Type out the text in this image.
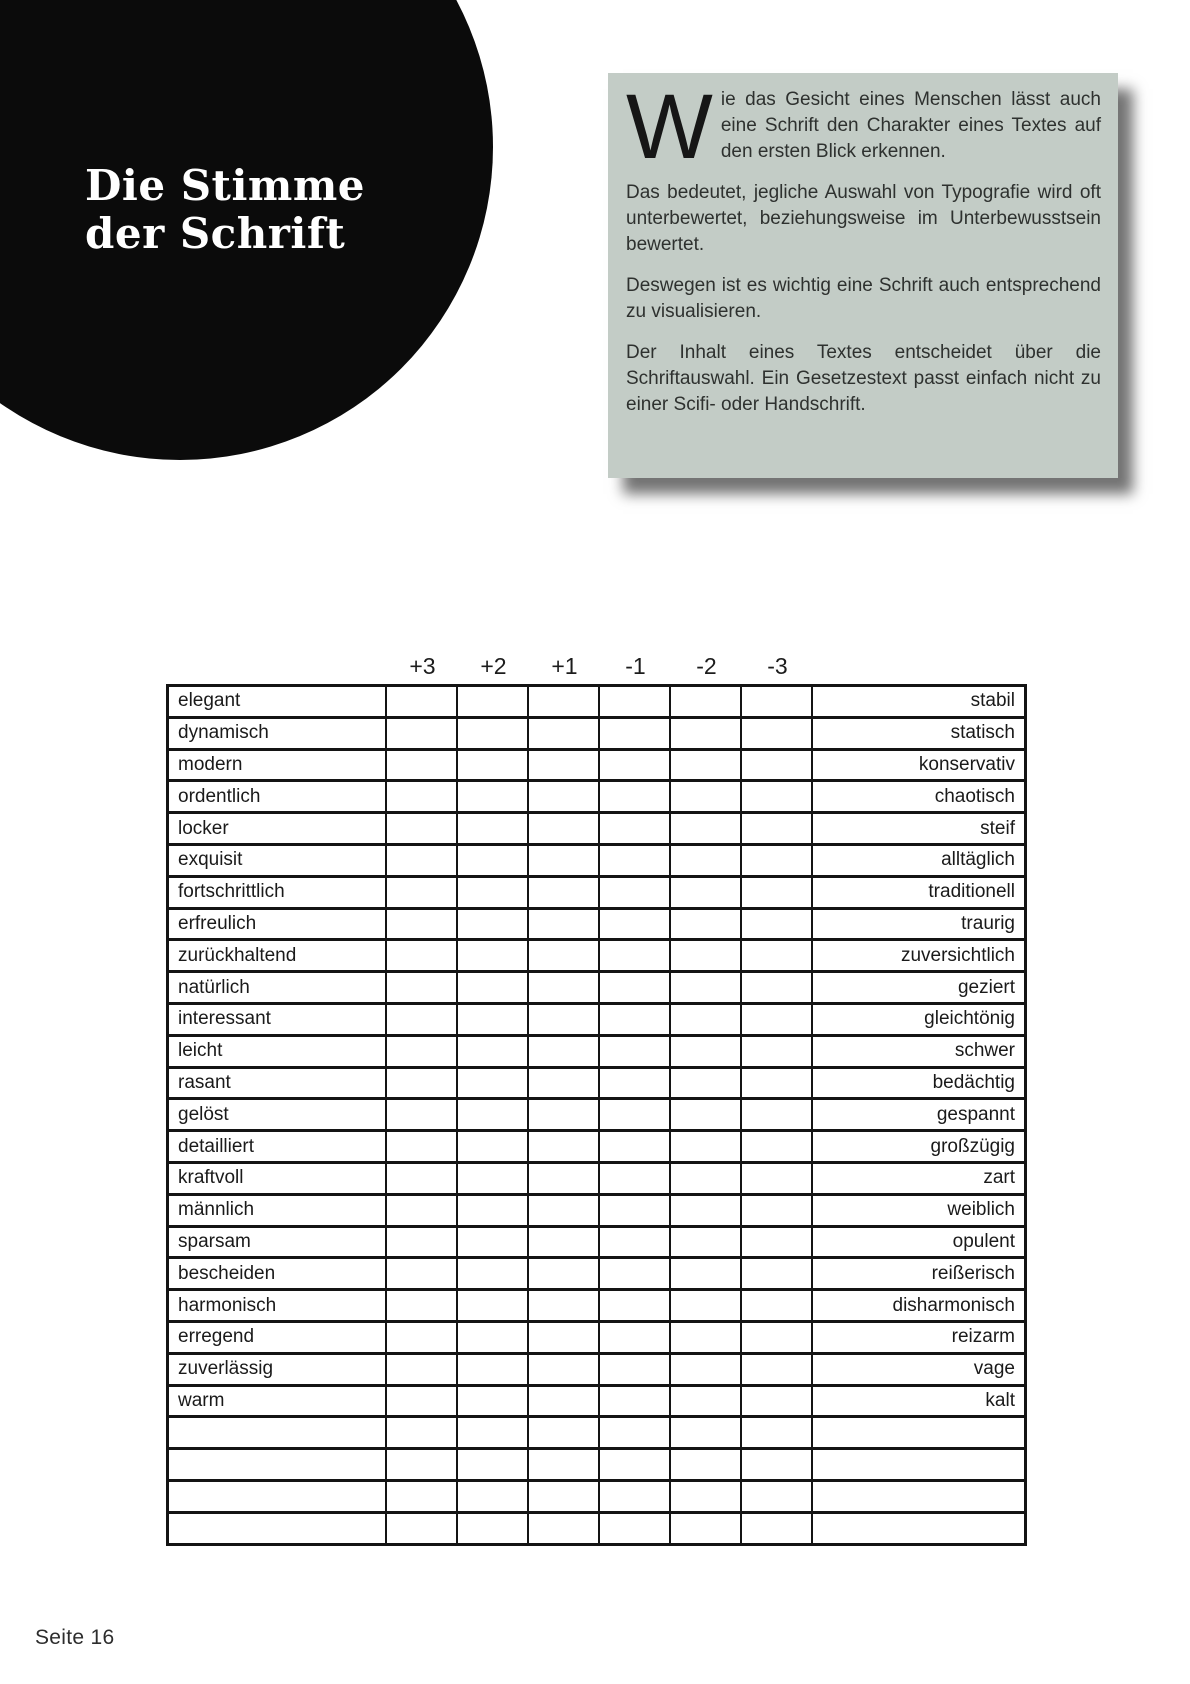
Die Stimme
der Schrift

Wie das Gesicht eines Menschen lässt auch eine Schrift den Charakter eines Textes auf den ersten Blick erkennen.

Das bedeutet, jegliche Auswahl von Typografie wird oft unterbewertet, beziehungsweise im Unterbewusstsein bewertet.

Deswegen ist es wichtig eine Schrift auch entsprechend zu visualisieren.

Der Inhalt eines Textes entscheidet über die Schriftauswahl. Ein Gesetzestext passt einfach nicht zu einer Scifi- oder Handschrift.

+3	+2	+1	-1	-2	-3
elegant							stabil
dynamisch							statisch
modern							konservativ
ordentlich							chaotisch
locker							steif
exquisit							alltäglich
fortschrittlich							traditionell
erfreulich							traurig
zurückhaltend							zuversichtlich
natürlich							geziert
interessant							gleichtönig
leicht							schwer
rasant							bedächtig
gelöst							gespannt
detailliert							großzügig
kraftvoll							zart
männlich							weiblich
sparsam							opulent
bescheiden							reißerisch
harmonisch							disharmonisch
erregend							reizarm
zuverlässig							vage
warm							kalt

Seite 16
